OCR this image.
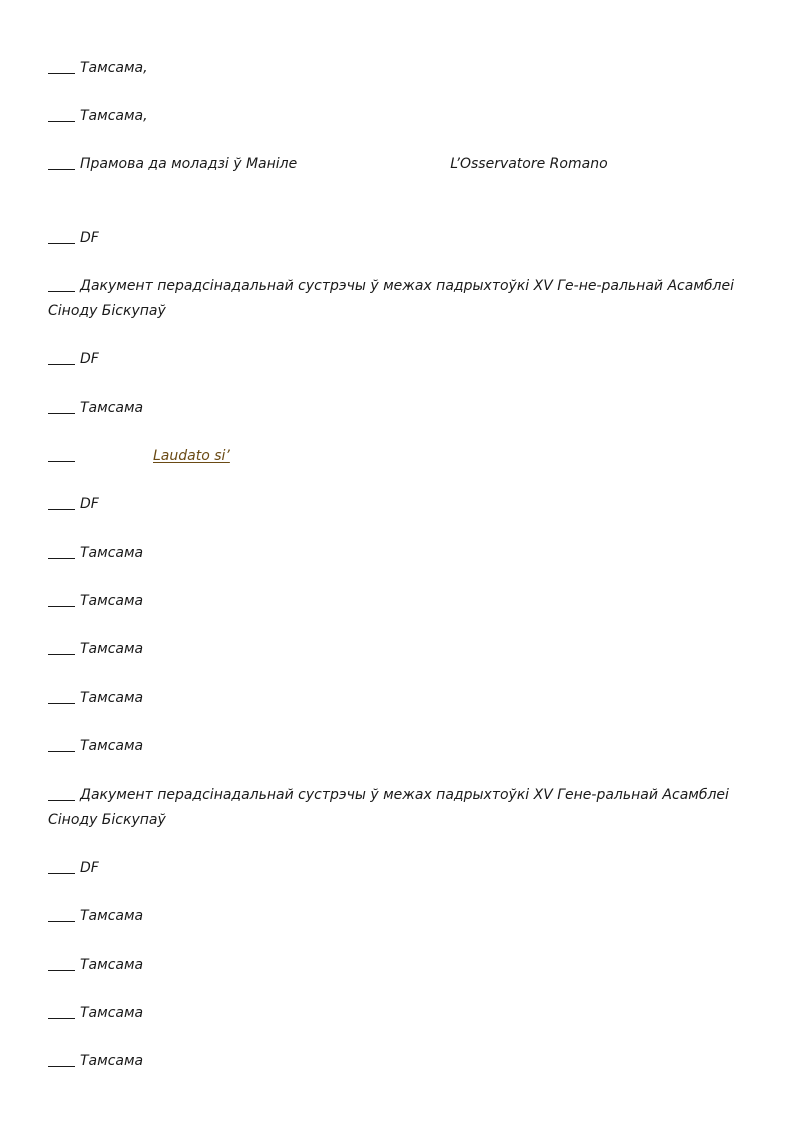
Тамсама,
Тамсама,
Прамова да моладзі ў Маніле	L’Osservatore Romano
DF
Дакумент перадсінадальнай сустрэчы ў межах падрыхтоўкі XV Ге-не-ральнай Асамблеі Сіноду Біскупаў
DF
Тамсама
Laudato si’
DF
Тамсама
Тамсама
Тамсама
Тамсама
Тамсама
Дакумент перадсінадальнай сустрэчы ў межах падрыхтоўкі XV Гене-ральнай Асамблеі Сіноду Біскупаў
DF
Тамсама
Тамсама
Тамсама
Тамсама
